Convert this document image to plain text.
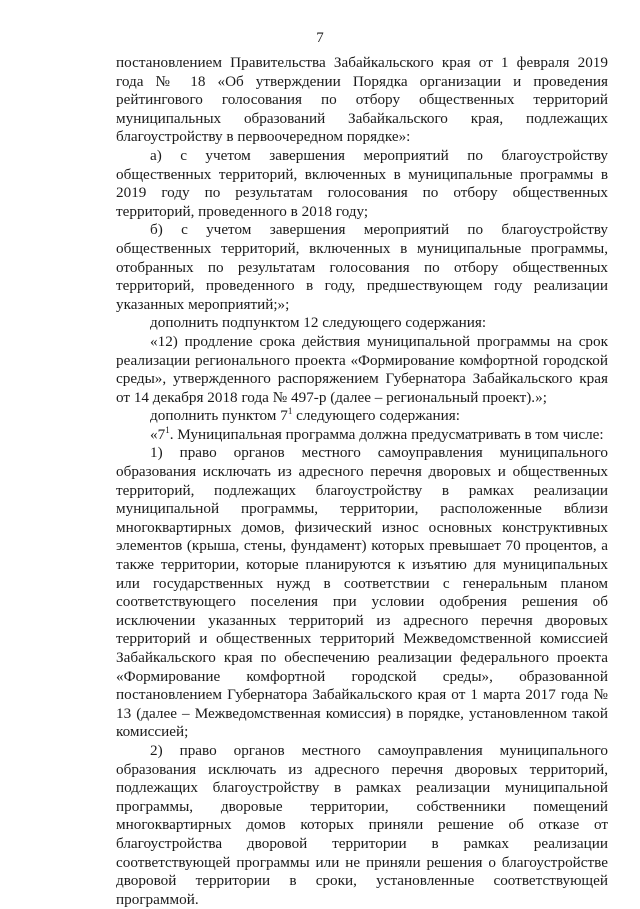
7

постановлением Правительства Забайкальского края от 1 февраля 2019 года № 18 «Об утверждении Порядка организации и проведения рейтингового голосования по отбору общественных территорий муниципальных образований Забайкальского края, подлежащих благоустройству в первоочередном порядке»:

а) с учетом завершения мероприятий по благоустройству общественных территорий, включенных в муниципальные программы в 2019 году по результатам голосования по отбору общественных территорий, проведенного в 2018 году;

б) с учетом завершения мероприятий по благоустройству общественных территорий, включенных в муниципальные программы, отобранных по результатам голосования по отбору общественных территорий, проведенного в году, предшествующем году реализации указанных мероприятий;»;

дополнить подпунктом 12 следующего содержания:

«12) продление срока действия муниципальной программы на срок реализации регионального проекта «Формирование комфортной городской среды», утвержденного распоряжением Губернатора Забайкальского края от 14 декабря 2018 года № 497-р (далее – региональный проект).»;

дополнить пунктом $7^1$ следующего содержания:

«$7^1$. Муниципальная программа должна предусматривать в том числе:

1) право органов местного самоуправления муниципального образования исключать из адресного перечня дворовых и общественных территорий, подлежащих благоустройству в рамках реализации муниципальной программы, территории, расположенные вблизи многоквартирных домов, физический износ основных конструктивных элементов (крыша, стены, фундамент) которых превышает 70 процентов, а также территории, которые планируются к изъятию для муниципальных или государственных нужд в соответствии с генеральным планом соответствующего поселения при условии одобрения решения об исключении указанных территорий из адресного перечня дворовых территорий и общественных территорий Межведомственной комиссией Забайкальского края по обеспечению реализации федерального проекта «Формирование комфортной городской среды», образованной постановлением Губернатора Забайкальского края от 1 марта 2017 года № 13 (далее – Межведомственная комиссия) в порядке, установленном такой комиссией;

2) право органов местного самоуправления муниципального образования исключать из адресного перечня дворовых территорий, подлежащих благоустройству в рамках реализации муниципальной программы, дворовые территории, собственники помещений многоквартирных домов которых приняли решение об отказе от благоустройства дворовой территории в рамках реализации соответствующей программы или не приняли решения о благоустройстве дворовой территории в сроки, установленные соответствующей программой.
